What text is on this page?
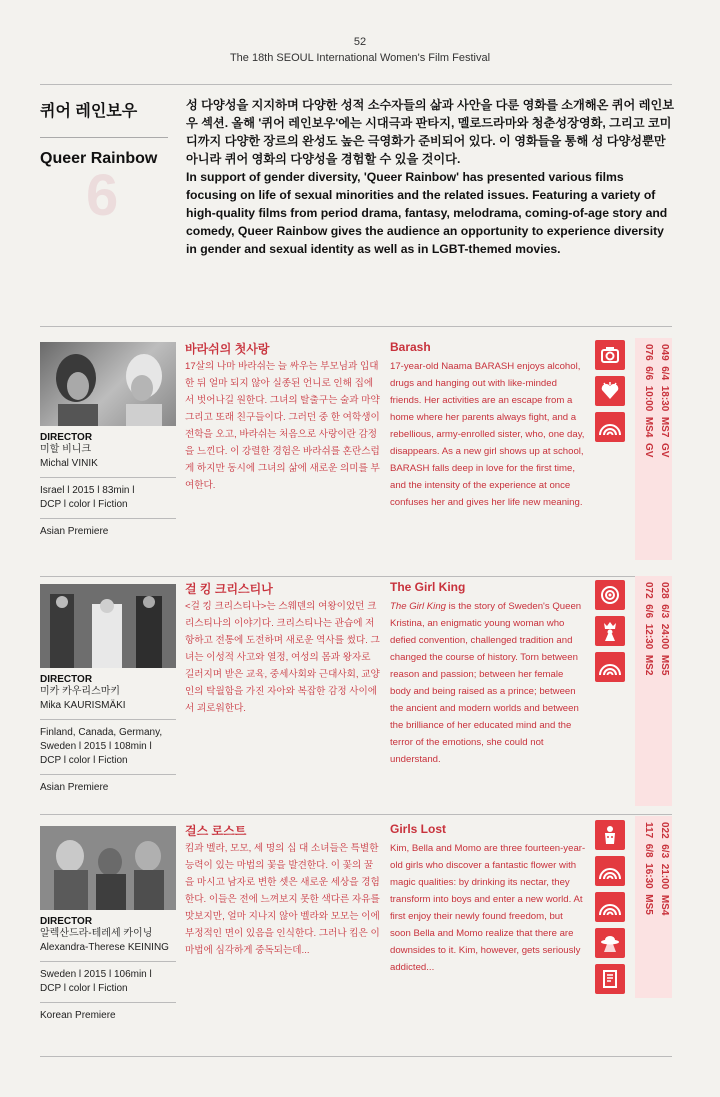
52
The 18th SEOUL International Women's Film Festival
6
퀴어 레인보우
Queer Rainbow

성 다양성을 지지하며 다양한 성적 소수자들의 삶과 사안을 다룬 영화를 소개해온 퀴어 레인보우 섹션. 올해 '퀴어 레인보우'에는 시대극과 판타지, 멜로드라마와 청춘성장영화, 그리고 코미디까지 다양한 장르의 완성도 높은 극영화가 준비되어 있다. 이 영화들을 통해 성 다양성뿐만 아니라 퀴어 영화의 다양성을 경험할 수 있을 것이다.

In support of gender diversity, 'Queer Rainbow' has presented various films focusing on life of sexual minorities and the related issues. Featuring a variety of high-quality films from period drama, fantasy, melodrama, coming-of-age story and comedy, Queer Rainbow gives the audience an opportunity to experience diversity in gender and sexual identity as well as in LGBT-themed movies.

DIRECTOR
미할 비니크
Michal VINIK
Israel l 2015 l 83min l
DCP l color l Fiction
Asian Premiere
바라쉬의 첫사랑
17살의 나마 바라쉬는 늘 싸우는 부모님과 입대한 뒤 얼마 되지 않아 실종된 언니로 인해 집에서 벗어나길 원한다. 그녀의 탈출구는 술과 마약 그리고 또래 친구들이다. 그러던 중 한 여학생이 전학을 오고, 바라쉬는 처음으로 사랑이란 감정을 느낀다. 이 강렬한 경험은 바라쉬를 혼란스럽게 하지만 동시에 그녀의 삶에 새로운 의미를 부여한다.
Barash
17-year-old Naama BARASH enjoys alcohol, drugs and hanging out with like-minded friends. Her activities are an escape from a home where her parents always fight, and a rebellious, army-enrolled sister, who, one day, disappears. As a new girl shows up at school, BARASH falls deep in love for the first time, and the intensity of the experience at once confuses her and gives her life new meaning.
049  6/4  18:30  MS7  GV
076  6/6  10:00  MS4  GV
DIRECTOR
미카 카우리스마키
Mika KAURISMÄKI
Finland, Canada, Germany,
Sweden l 2015 l 108min l
DCP l color l Fiction
Asian Premiere
걸 킹 크리스티나
<걸 킹 크리스티나>는 스웨덴의 여왕이었던 크리스티나의 이야기다. 크리스티나는 관습에 저항하고 전통에 도전하며 새로운 역사를 썼다. 그녀는 이성적 사고와 열정, 여성의 몸과 왕자로 길러지며 받은 교육, 중세사회와 근대사회, 교양인의 탁월함을 가진 자아와 복잡한 감정 사이에서 괴로워한다.
The Girl King
The Girl King is the story of Sweden's Queen Kristina, an enigmatic young woman who defied convention, challenged tradition and changed the course of history. Torn between reason and passion; between her female body and being raised as a prince; between the ancient and modern worlds and between the brilliance of her educated mind and the terror of the emotions, she could not understand.
028  6/3  24:00  MS5
072  6/6  12:30  MS2
DIRECTOR
알렉산드라-테레세 카이닝
Alexandra-Therese KEINING
Sweden l 2015 l 106min l
DCP l color l Fiction
Korean Premiere
걸스 로스트
킴과 벨라, 모모, 세 명의 십 대 소녀들은 특별한 능력이 있는 마법의 꽃을 발견한다. 이 꽃의 꿀을 마시고 남자로 변한 셋은 새로운 세상을 경험한다. 이들은 전에 느껴보지 못한 색다른 자유를 맛보지만, 얼마 지나지 않아 벨라와 모모는 이에 부정적인 면이 있음을 인식한다. 그러나 킴은 이 마법에 심각하게 중독되는데...
Girls Lost
Kim, Bella and Momo are three fourteen-year-old girls who discover a fantastic flower with magic qualities: by drinking its nectar, they transform into boys and enter a new world. At first enjoy their newly found freedom, but soon Bella and Momo realize that there are downsides to it. Kim, however, gets seriously addicted...
022  6/3  21:00  MS4
117  6/8  16:30  MS5
